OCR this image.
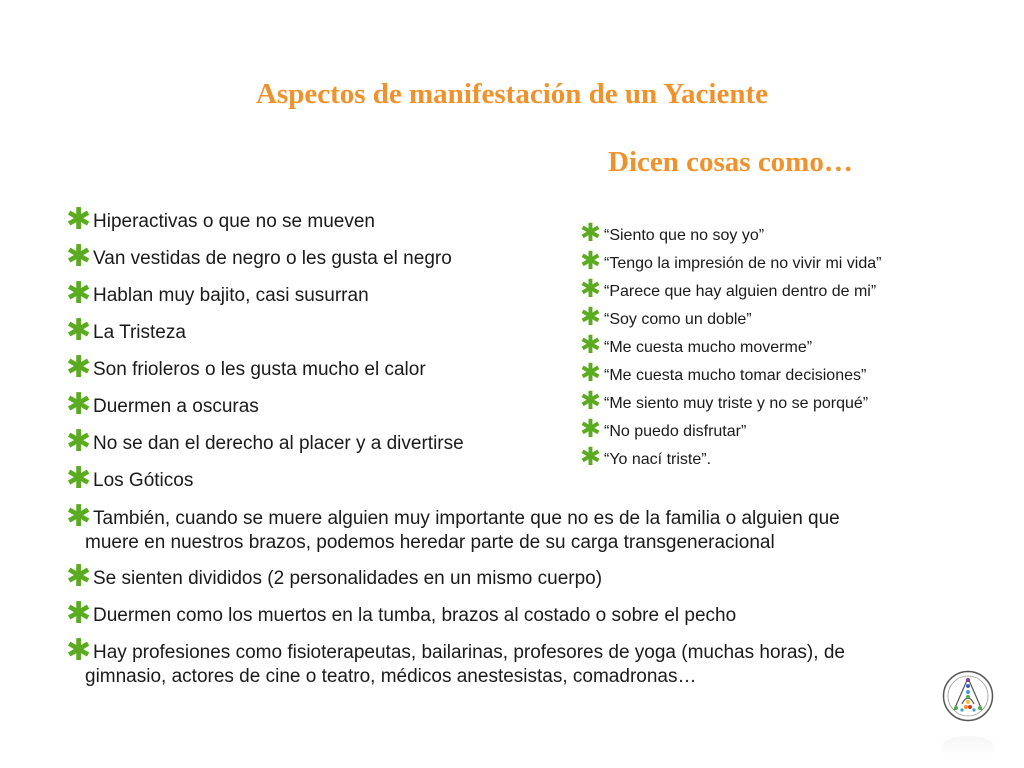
Aspectos de manifestación de un Yaciente
Dicen cosas como…

✱ Hiperactivas o que no se mueven

✱ Van vestidas de negro o les gusta el negro

✱ Hablan muy bajito, casi susurran

✱ La Tristeza

✱ Son frioleros o les gusta mucho el calor

✱ Duermen a oscuras

✱ No se dan el derecho al placer y a divertirse

✱ Los Góticos

✱ También, cuando se muere alguien muy importante que no es de la familia o alguien que
muere en nuestros brazos, podemos heredar parte de su carga transgeneracional

✱ Se sienten divididos (2 personalidades en un mismo cuerpo)

✱ Duermen como los muertos en la tumba, brazos al costado o sobre el pecho

✱ Hay profesiones como fisioterapeutas, bailarinas, profesores de yoga (muchas horas), de
gimnasio, actores de cine o teatro, médicos anestesistas, comadronas…

✱ “Siento que no soy yo”

✱ “Tengo la impresión de no vivir mi vida”

✱ “Parece que hay alguien dentro de mi”

✱ “Soy como un doble”

✱ “Me cuesta mucho moverme”

✱ “Me cuesta mucho tomar decisiones”

✱ “Me siento muy triste y no se porqué”

✱ “No puedo disfrutar”

✱ “Yo nací triste”.
